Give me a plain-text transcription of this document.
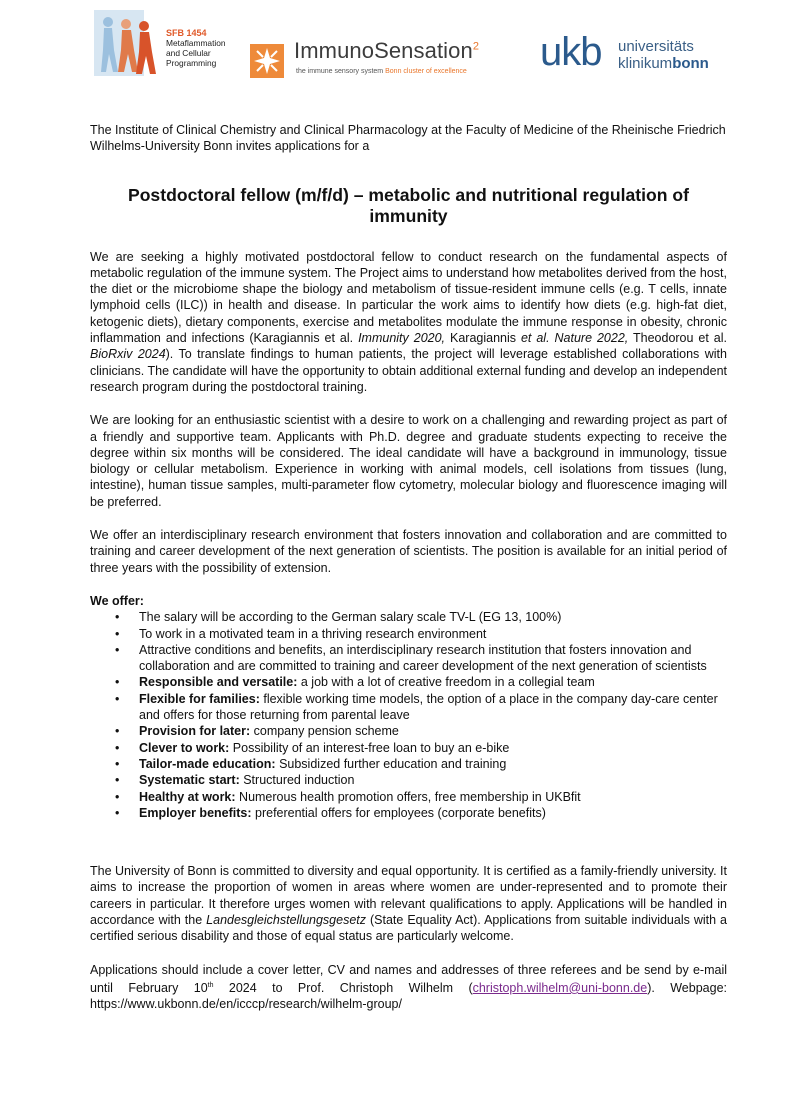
SFB 1454
Metaflammation
and Cellular
Programming	ImmunoSensation$^2$
the immune sensory system Bonn cluster of excellence ukb universitäts
klinikumbonn

The Institute of Clinical Chemistry and Clinical Pharmacology at the Faculty of Medicine of the Rheinische Friedrich Wilhelms-University Bonn invites applications for a

Postdoctoral fellow (m/f/d) – metabolic and nutritional regulation of immunity

We are seeking a highly motivated postdoctoral fellow to conduct research on the fundamental aspects of metabolic regulation of the immune system. The Project aims to understand how metabolites derived from the host, the diet or the microbiome shape the biology and metabolism of tissue-resident immune cells (e.g. T cells, innate lymphoid cells (ILC)) in health and disease. In particular the work aims to identify how diets (e.g. high-fat diet, ketogenic diets), dietary components, exercise and metabolites modulate the immune response in obesity, chronic inflammation and infections (Karagiannis et al. Immunity 2020, Karagiannis et al. Nature 2022, Theodorou et al. BioRxiv 2024). To translate findings to human patients, the project will leverage established collaborations with clinicians. The candidate will have the opportunity to obtain additional external funding and develop an independent research program during the postdoctoral training.

We are looking for an enthusiastic scientist with a desire to work on a challenging and rewarding project as part of a friendly and supportive team. Applicants with Ph.D. degree and graduate students expecting to receive the degree within six months will be considered. The ideal candidate will have a background in immunology, tissue biology or cellular metabolism. Experience in working with animal models, cell isolations from tissues (lung, intestine), human tissue samples, multi-parameter flow cytometry, molecular biology and fluorescence imaging will be preferred.

We offer an interdisciplinary research environment that fosters innovation and collaboration and are committed to training and career development of the next generation of scientists. The position is available for an initial period of three years with the possibility of extension.

We offer:

• The salary will be according to the German salary scale TV-L (EG 13, 100%)
• To work in a motivated team in a thriving research environment
• Attractive conditions and benefits, an interdisciplinary research institution that fosters innovation and collaboration and are committed to training and career development of the next generation of scientists
• Responsible and versatile: a job with a lot of creative freedom in a collegial team
• Flexible for families: flexible working time models, the option of a place in the company day-care center and offers for those returning from parental leave
• Provision for later: company pension scheme
• Clever to work: Possibility of an interest-free loan to buy an e-bike
• Tailor-made education: Subsidized further education and training
• Systematic start: Structured induction
• Healthy at work: Numerous health promotion offers, free membership in UKBfit
• Employer benefits: preferential offers for employees (corporate benefits)

The University of Bonn is committed to diversity and equal opportunity. It is certified as a family-friendly university. It aims to increase the proportion of women in areas where women are under-represented and to promote their careers in particular. It therefore urges women with relevant qualifications to apply. Applications will be handled in accordance with the Landesgleichstellungsgesetz (State Equality Act). Applications from suitable individuals with a certified serious disability and those of equal status are particularly welcome.

Applications should include a cover letter, CV and names and addresses of three referees and be send by e-mail until February 10th 2024 to Prof. Christoph Wilhelm (christoph.wilhelm@uni-bonn.de). Webpage: https://www.ukbonn.de/en/icccp/research/wilhelm-group/
